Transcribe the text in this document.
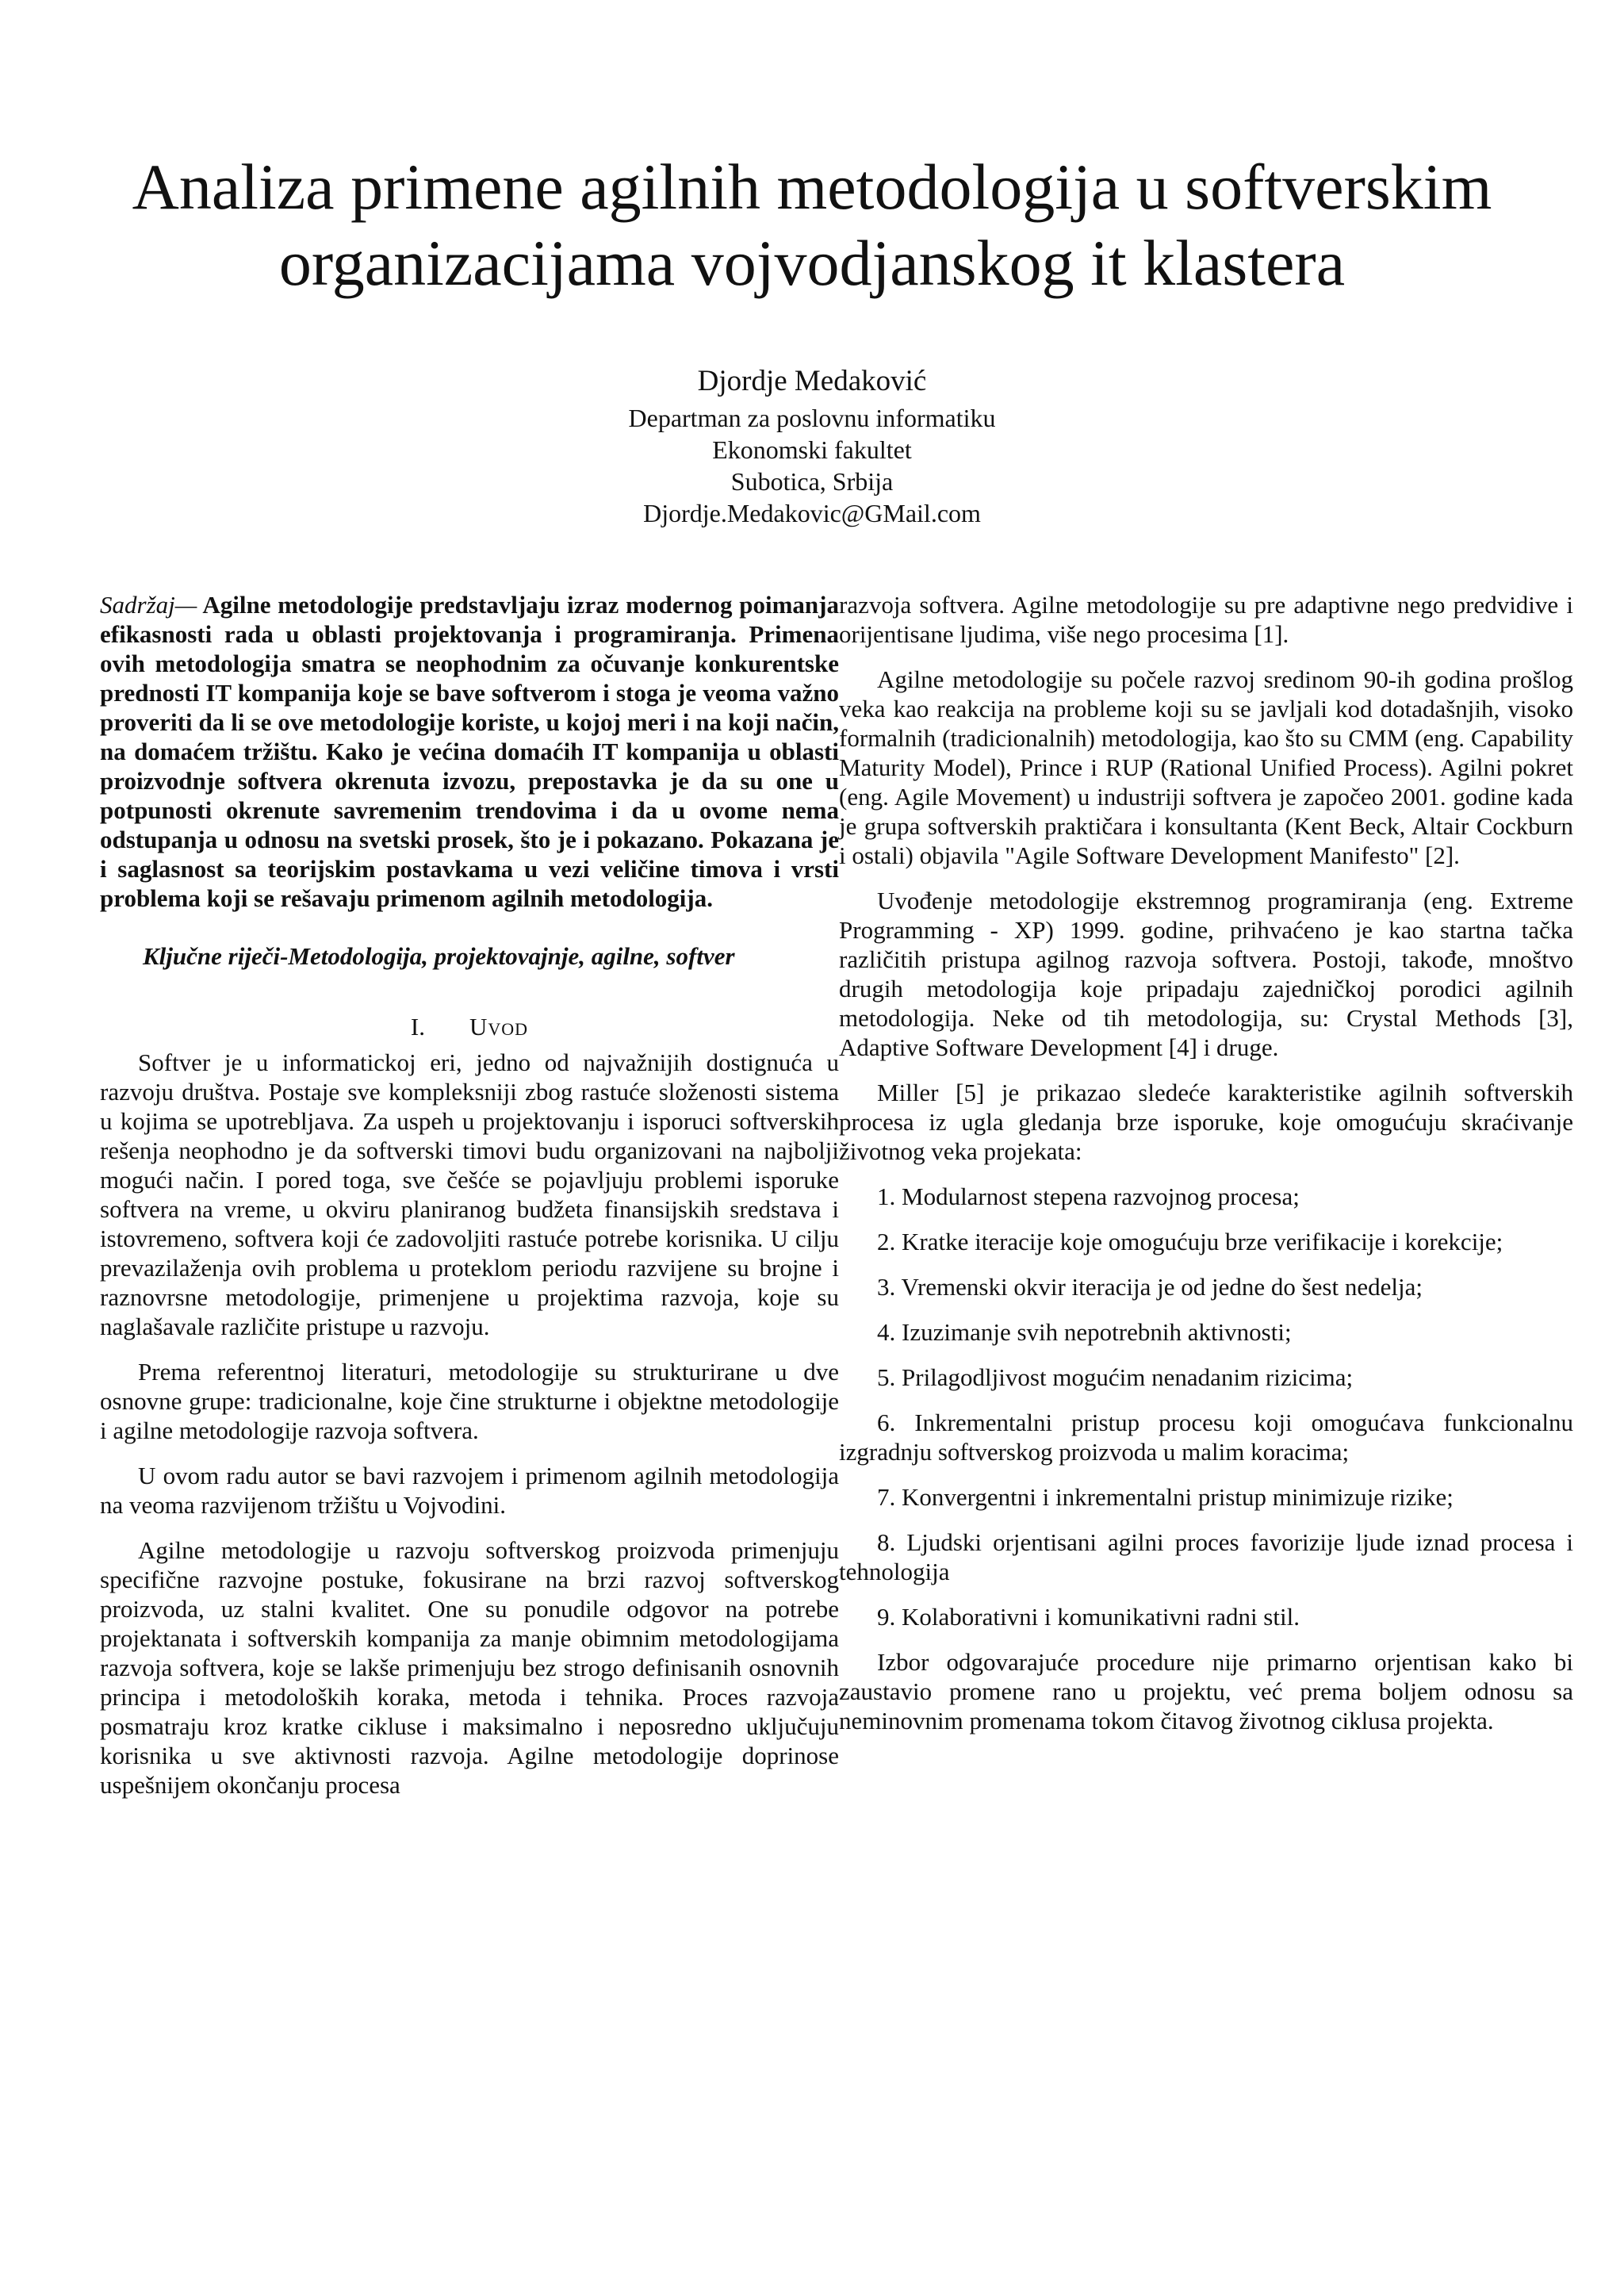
Analiza primene agilnih metodologija u softverskim organizacijama vojvodjanskog it klastera
Djordje Medaković
Departman za poslovnu informatiku
Ekonomski fakultet
Subotica, Srbija
Djordje.Medakovic@GMail.com

Sadržaj— Agilne metodologije predstavljaju izraz modernog poimanja efikasnosti rada u oblasti projektovanja i programiranja. Primena ovih metodologija smatra se neophodnim za očuvanje konkurentske prednosti IT kompanija koje se bave softverom i stoga je veoma važno proveriti da li se ove metodologije koriste, u kojoj meri i na koji način, na domaćem tržištu. Kako je većina domaćih IT kompanija u oblasti proizvodnje softvera okrenuta izvozu, prepostavka je da su one u potpunosti okrenute savremenim trendovima i da u ovome nema odstupanja u odnosu na svetski prosek, što je i pokazano. Pokazana je i saglasnost sa teorijskim postavkama u vezi veličine timova i vrsti problema koji se rešavaju primenom agilnih metodologija.

Ključne riječi-Metodologija, projektovajnje, agilne, softver

I. Uvod

Softver je u informatickoj eri, jedno od najvažnijih dostignuća u razvoju društva. Postaje sve kompleksniji zbog rastuće složenosti sistema u kojima se upotrebljava. Za uspeh u projektovanju i isporuci softverskih rešenja neophodno je da softverski timovi budu organizovani na najbolji mogući način. I pored toga, sve češće se pojavljuju problemi isporuke softvera na vreme, u okviru planiranog budžeta finansijskih sredstava i istovremeno, softvera koji će zadovoljiti rastuće potrebe korisnika. U cilju prevazilaženja ovih problema u proteklom periodu razvijene su brojne i raznovrsne metodologije, primenjene u projektima razvoja, koje su naglašavale različite pristupe u razvoju.

Prema referentnoj literaturi, metodologije su strukturirane u dve osnovne grupe: tradicionalne, koje čine strukturne i objektne metodologije i agilne metodologije razvoja softvera.

U ovom radu autor se bavi razvojem i primenom agilnih metodologija na veoma razvijenom tržištu u Vojvodini.

Agilne metodologije u razvoju softverskog proizvoda primenjuju specifične razvojne postuke, fokusirane na brzi razvoj softverskog proizvoda, uz stalni kvalitet. One su ponudile odgovor na potrebe projektanata i softverskih kompanija za manje obimnim metodologijama razvoja softvera, koje se lakše primenjuju bez strogo definisanih osnovnih principa i metodoloških koraka, metoda i tehnika. Proces razvoja posmatraju kroz kratke cikluse i maksimalno i neposredno uključuju korisnika u sve aktivnosti razvoja. Agilne metodologije doprinose uspešnijem okončanju procesa

razvoja softvera. Agilne metodologije su pre adaptivne nego predvidive i orijentisane ljudima, više nego procesima [1].

Agilne metodologije su počele razvoj sredinom 90-ih godina prošlog veka kao reakcija na probleme koji su se javljali kod dotadašnjih, visoko formalnih (tradicionalnih) metodologija, kao što su CMM (eng. Capability Maturity Model), Prince i RUP (Rational Unified Process). Agilni pokret (eng. Agile Movement) u industriji softvera je započeo 2001. godine kada je grupa softverskih praktičara i konsultanta (Kent Beck, Altair Cockburn i ostali) objavila "Agile Software Development Manifesto" [2].

Uvođenje metodologije ekstremnog programiranja (eng. Extreme Programming - XP) 1999. godine, prihvaćeno je kao startna tačka različitih pristupa agilnog razvoja softvera. Postoji, takođe, mnoštvo drugih metodologija koje pripadaju zajedničkoj porodici agilnih metodologija. Neke od tih metodologija, su: Crystal Methods [3], Adaptive Software Development [4] i druge.

Miller [5] je prikazao sledeće karakteristike agilnih softverskih procesa iz ugla gledanja brze isporuke, koje omogućuju skraćivanje životnog veka projekata:

1. Modularnost stepena razvojnog procesa;

2. Kratke iteracije koje omogućuju brze verifikacije i korekcije;

3. Vremenski okvir iteracija je od jedne do šest nedelja;

4. Izuzimanje svih nepotrebnih aktivnosti;

5. Prilagodljivost mogućim nenadanim rizicima;

6. Inkrementalni pristup procesu koji omogućava funkcionalnu izgradnju softverskog proizvoda u malim koracima;

7. Konvergentni i inkrementalni pristup minimizuje rizike;

8. Ljudski orjentisani agilni proces favorizije ljude iznad procesa i tehnologija

9. Kolaborativni i komunikativni radni stil.

Izbor odgovarajuće procedure nije primarno orjentisan kako bi zaustavio promene rano u projektu, već prema boljem odnosu sa neminovnim promenama tokom čitavog životnog ciklusa projekta.
